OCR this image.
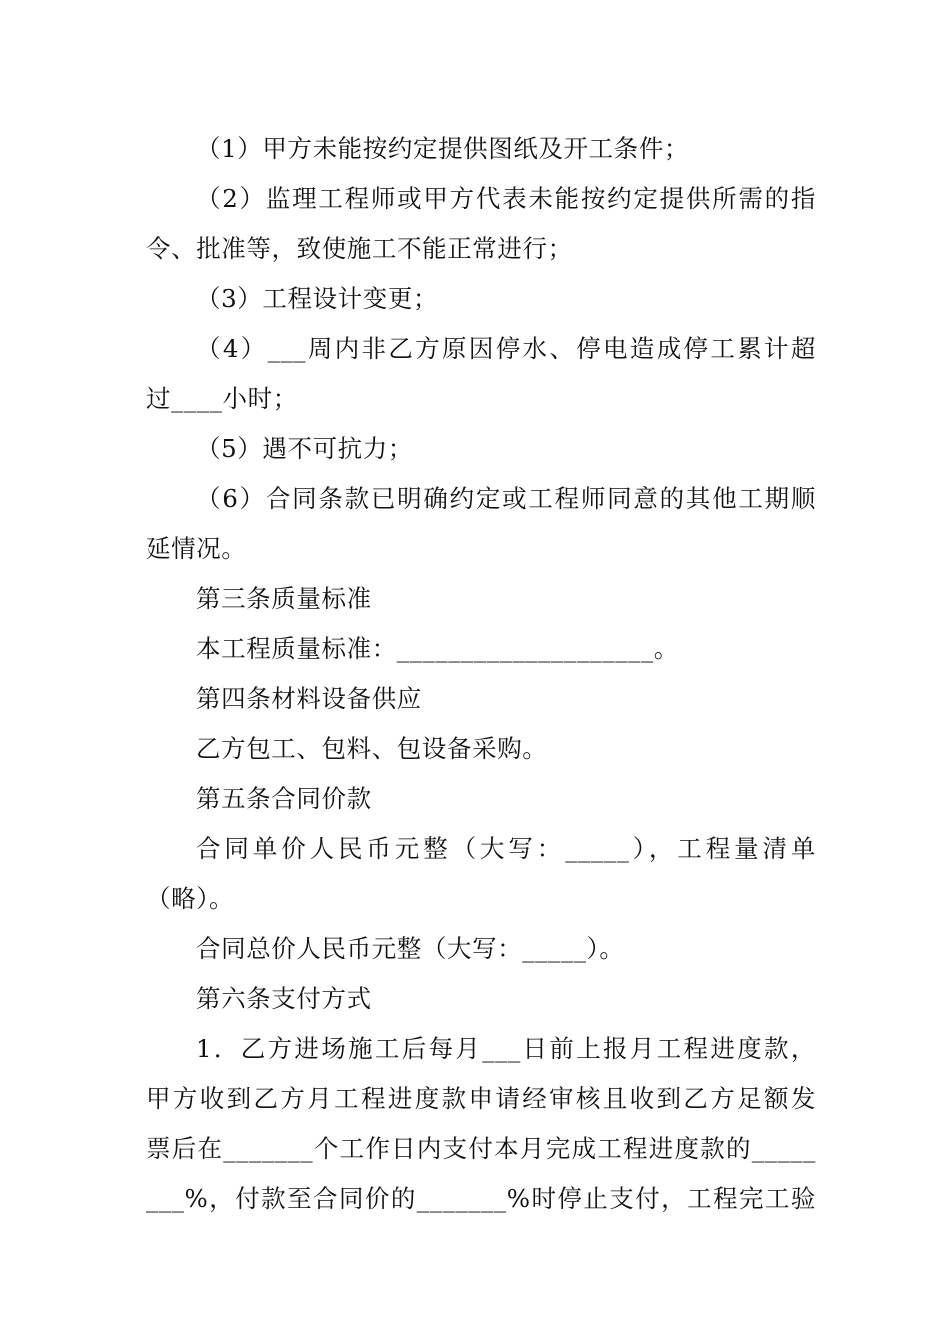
（1）甲方未能按约定提供图纸及开工条件；
（2）监理工程师或甲方代表未能按约定提供所需的指
令、批准等，致使施工不能正常进行；
（3）工程设计变更；
（4）___周内非乙方原因停水、停电造成停工累计超
过____小时；
（5）遇不可抗力；
（6）合同条款已明确约定或工程师同意的其他工期顺
延情况。
第三条质量标准
本工程质量标准：____________________。
第四条材料设备供应
乙方包工、包料、包设备采购。
第五条合同价款
合同单价人民币元整（大写：_____），工程量清单
（略）。
合同总价人民币元整（大写：_____）。
第六条支付方式
1．乙方进场施工后每月___日前上报月工程进度款，
甲方收到乙方月工程进度款申请经审核且收到乙方足额发
票后在_______个工作日内支付本月完成工程进度款的_____
___%，付款至合同价的_______%时停止支付，工程完工验
